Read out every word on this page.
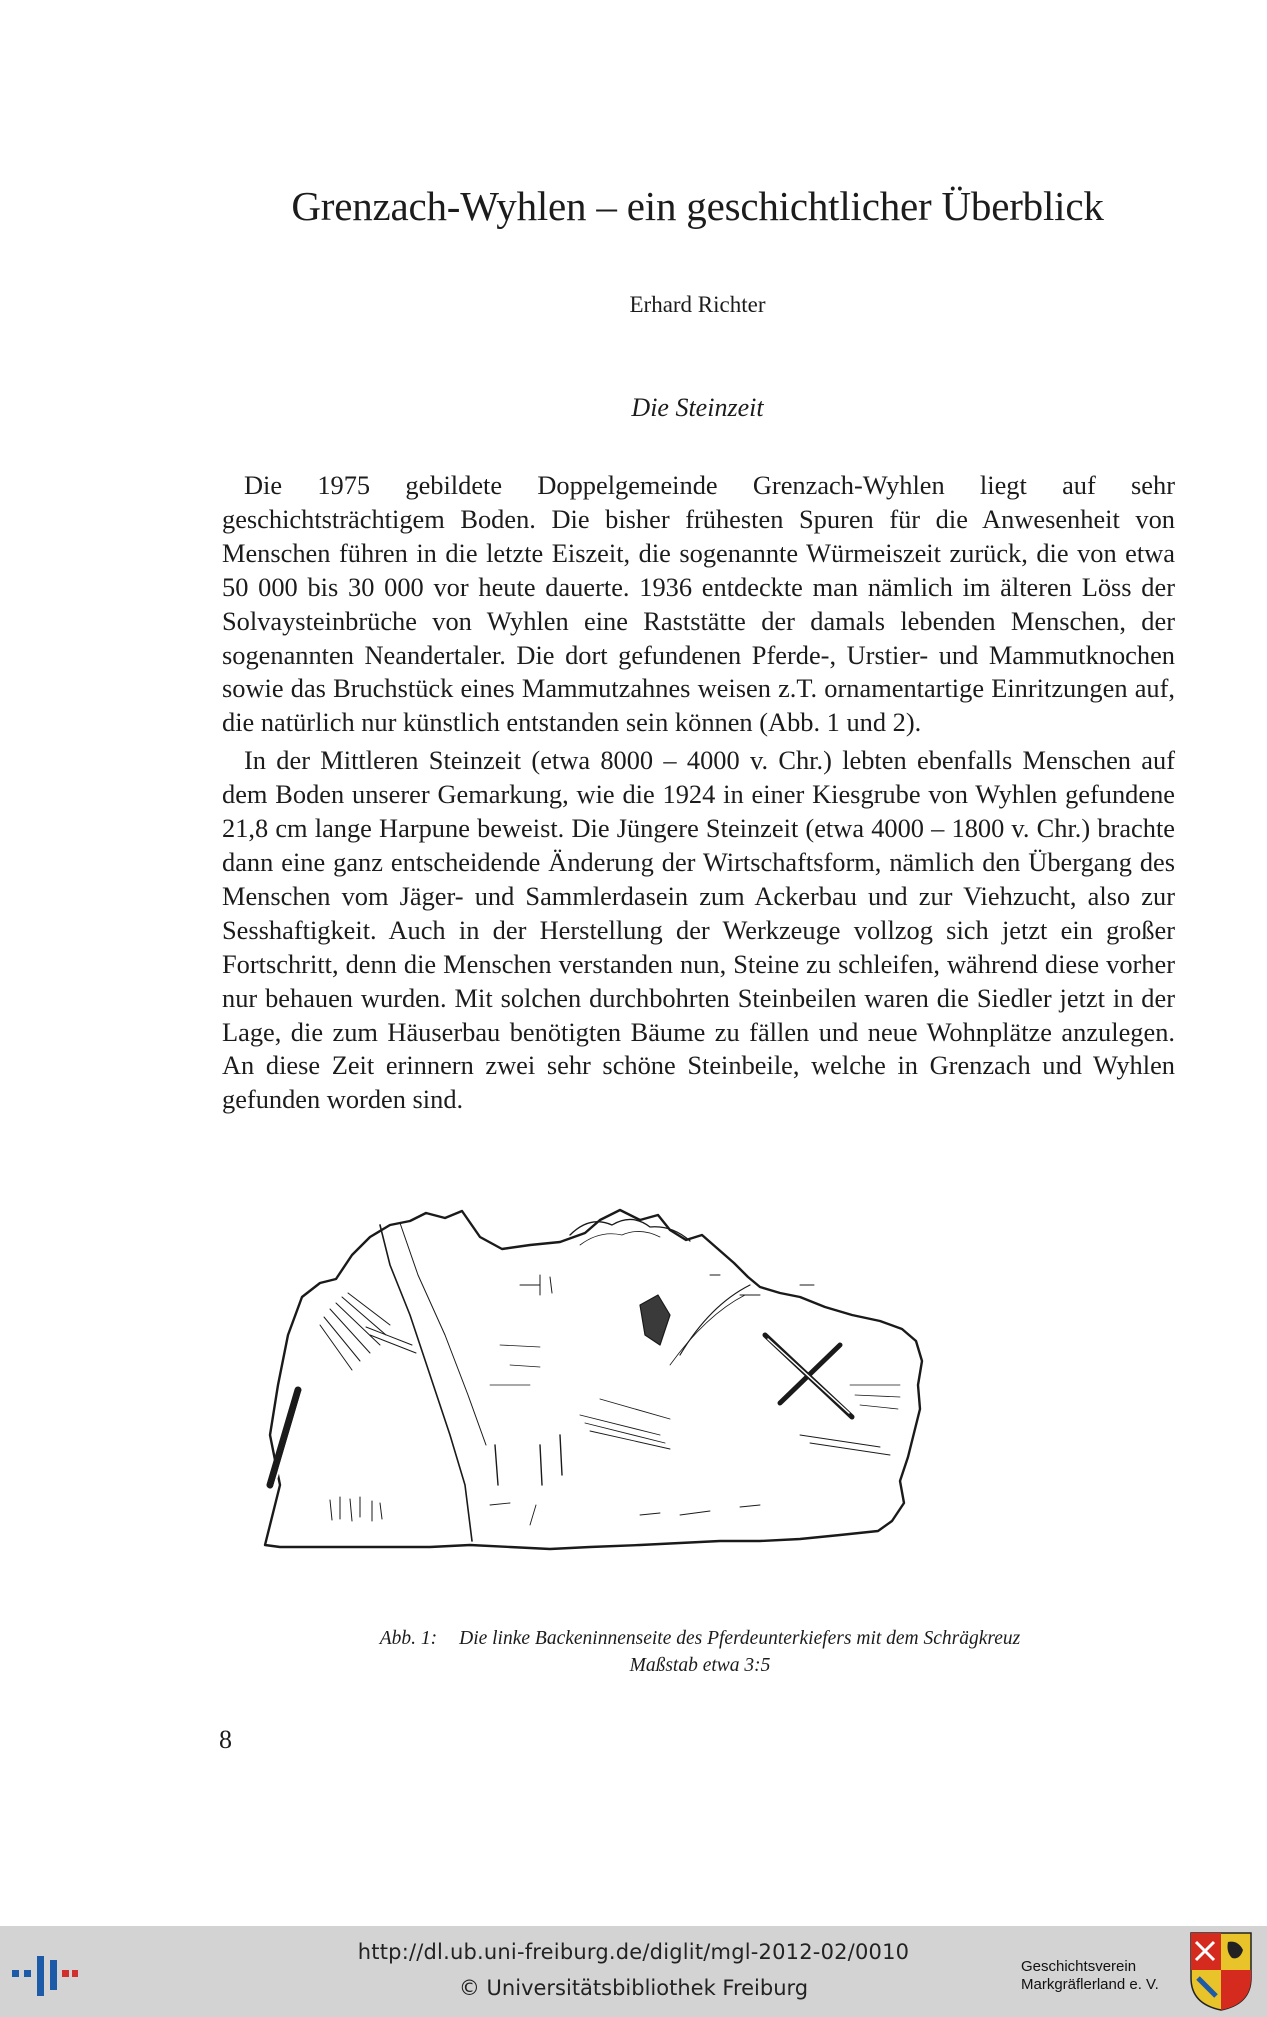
Grenzach-Wyhlen – ein geschichtlicher Überblick
Erhard Richter
Die Steinzeit

Die 1975 gebildete Doppelgemeinde Grenzach-Wyhlen liegt auf sehr geschichtsträchtigem Boden. Die bisher frühesten Spuren für die Anwesenheit von Menschen führen in die letzte Eiszeit, die sogenannte Würmeiszeit zurück, die von etwa 50 000 bis 30 000 vor heute dauerte. 1936 entdeckte man nämlich im älteren Löss der Solvaysteinbrüche von Wyhlen eine Raststätte der damals lebenden Menschen, der sogenannten Neandertaler. Die dort gefundenen Pferde-, Urstier- und Mammutknochen sowie das Bruchstück eines Mammutzahnes weisen z.T. ornamentartige Einritzungen auf, die natürlich nur künstlich entstanden sein können (Abb. 1 und 2).

In der Mittleren Steinzeit (etwa 8000 – 4000 v. Chr.) lebten ebenfalls Menschen auf dem Boden unserer Gemarkung, wie die 1924 in einer Kiesgrube von Wyhlen gefundene 21,8 cm lange Harpune beweist. Die Jüngere Steinzeit (etwa 4000 – 1800 v. Chr.) brachte dann eine ganz entscheidende Änderung der Wirtschaftsform, nämlich den Übergang des Menschen vom Jäger- und Sammlerdasein zum Ackerbau und zur Viehzucht, also zur Sesshaftigkeit. Auch in der Herstellung der Werkzeuge vollzog sich jetzt ein großer Fortschritt, denn die Menschen verstanden nun, Steine zu schleifen, während diese vorher nur behauen wurden. Mit solchen durchbohrten Steinbeilen waren die Siedler jetzt in der Lage, die zum Häuserbau benötigten Bäume zu fällen und neue Wohnplätze anzulegen. An diese Zeit erinnern zwei sehr schöne Steinbeile, welche in Grenzach und Wyhlen gefunden worden sind.

Abb. 1: Die linke Backeninnenseite des Pferdeunterkiefers mit dem Schrägkreuz
Maßstab etwa 3:5
8
http://dl.ub.uni-freiburg.de/diglit/mgl-2012-02/0010
© Universitätsbibliothek Freiburg
Geschichtsverein
Markgräflerland e. V.
